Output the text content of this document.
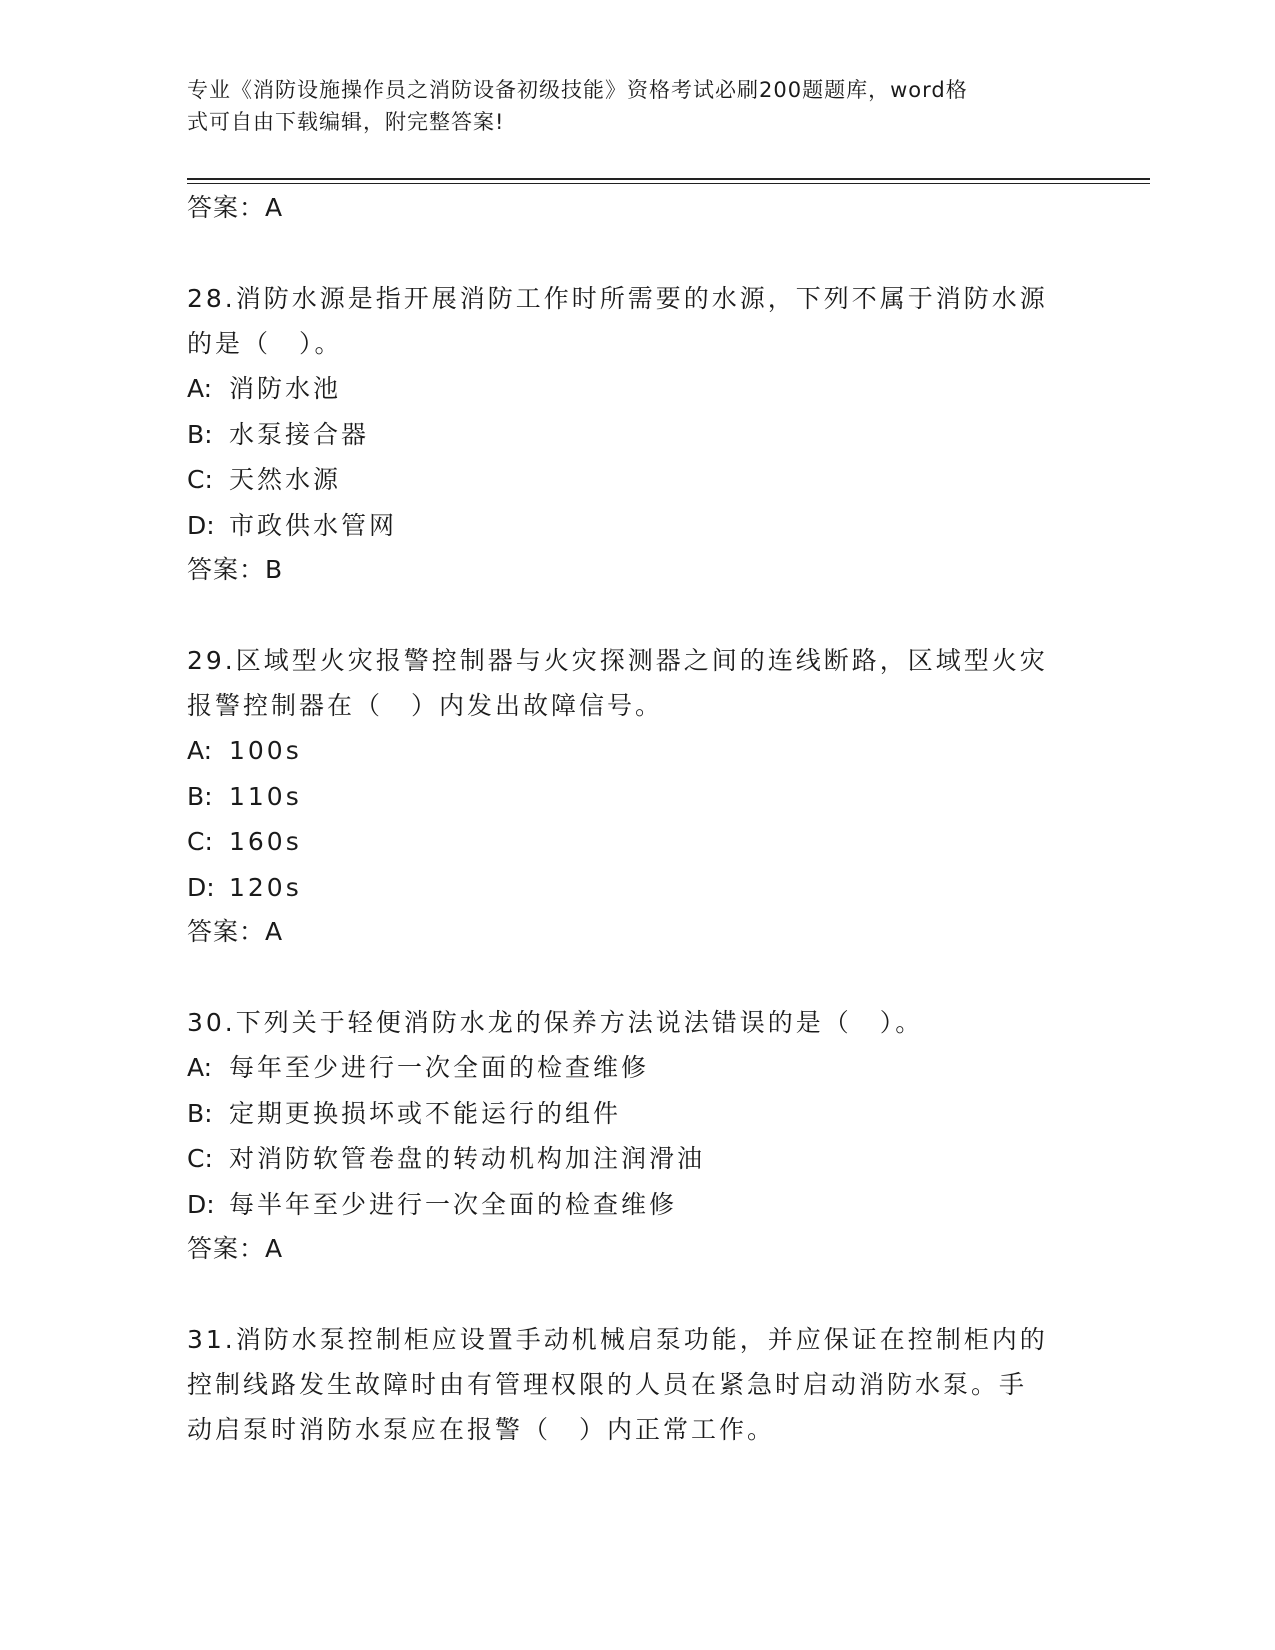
专业《消防设施操作员之消防设备初级技能》资格考试必刷200题题库，word格
式可自由下载编辑，附完整答案!
答案：A
28.消防水源是指开展消防工作时所需要的水源，下列不属于消防水源
的是（　）。
A: 消防水池
B: 水泵接合器
C: 天然水源
D: 市政供水管网
答案：B
29.区域型火灾报警控制器与火灾探测器之间的连线断路，区域型火灾
报警控制器在（　）内发出故障信号。
A: 100s
B: 110s
C: 160s
D: 120s
答案：A
30.下列关于轻便消防水龙的保养方法说法错误的是（　）。
A: 每年至少进行一次全面的检查维修
B: 定期更换损坏或不能运行的组件
C: 对消防软管卷盘的转动机构加注润滑油
D: 每半年至少进行一次全面的检查维修
答案：A
31.消防水泵控制柜应设置手动机械启泵功能，并应保证在控制柜内的
控制线路发生故障时由有管理权限的人员在紧急时启动消防水泵。手
动启泵时消防水泵应在报警（　）内正常工作。
